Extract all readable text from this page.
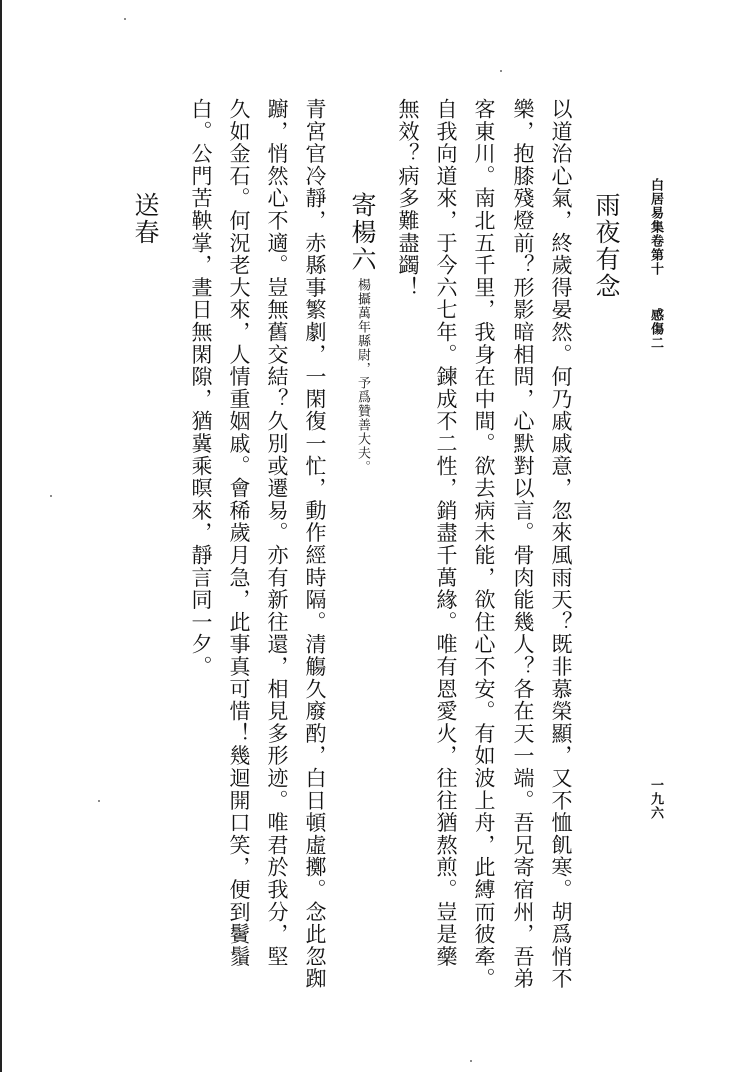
白居易集卷第十
感傷二
一九六
雨夜有念
以道治心氣，終歲得晏然。何乃戚戚意，忽來風雨天？既非慕榮顯，又不恤飢寒。胡爲悄不
樂，抱膝殘燈前？形影暗相問，心默對以言。骨肉能幾人？各在天一端。吾兄寄宿州，吾弟
客東川。南北五千里，我身在中間。欲去病未能，欲住心不安。有如波上舟，此縛而彼牽。
自我向道來，于今六七年。鍊成不二性，銷盡千萬緣。唯有恩愛火，往往猶熬煎。豈是藥
無效？病多難盡蠲！
寄楊六
楊攝萬年縣尉，予爲贊善大夫。
青宮官冷靜，赤縣事繁劇，一閑復一忙，動作經時隔。清觴久廢酌，白日頓虛擲。念此忽踟
躕，悄然心不適。豈無舊交結？久別或遷易。亦有新往還，相見多形迹。唯君於我分，堅
久如金石。何況老大來，人情重姻戚。會稀歲月急，此事真可惜！幾迴開口笑，便到鬢鬚
白。公門苦鞅掌，晝日無閑隙，猶冀乘暝來，靜言同一夕。
送春
